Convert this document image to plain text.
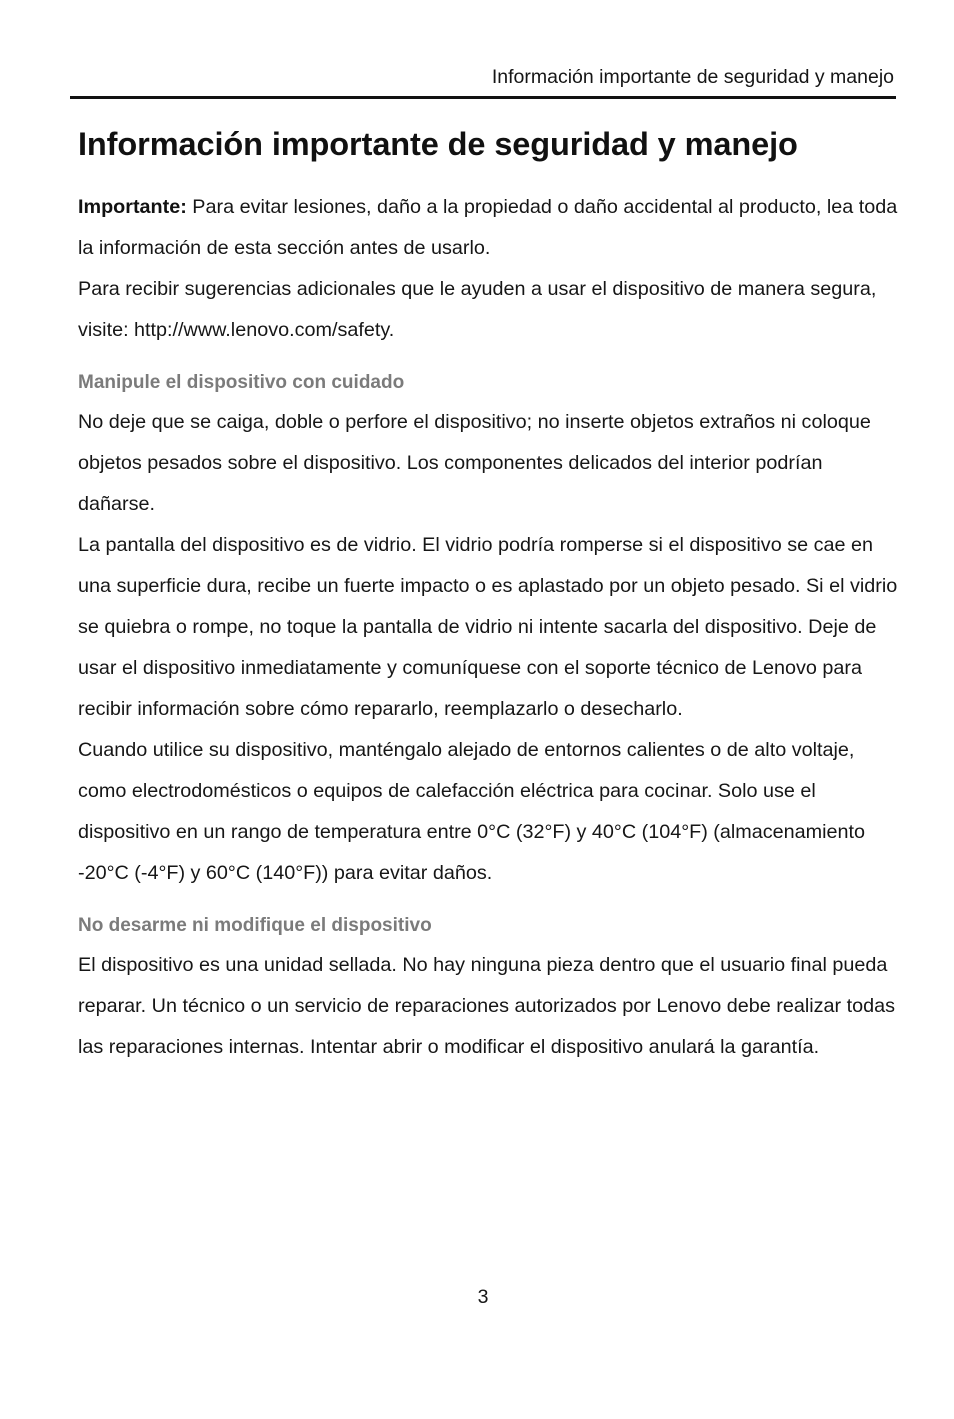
Información importante de seguridad y manejo
Información importante de seguridad y manejo

Importante: Para evitar lesiones, daño a la propiedad o daño accidental al producto, lea toda la información de esta sección antes de usarlo.

Para recibir sugerencias adicionales que le ayuden a usar el dispositivo de manera segura, visite: http://www.lenovo.com/safety.

Manipule el dispositivo con cuidado

No deje que se caiga, doble o perfore el dispositivo; no inserte objetos extraños ni coloque objetos pesados sobre el dispositivo. Los componentes delicados del interior podrían dañarse.

La pantalla del dispositivo es de vidrio. El vidrio podría romperse si el dispositivo se cae en una superficie dura, recibe un fuerte impacto o es aplastado por un objeto pesado. Si el vidrio se quiebra o rompe, no toque la pantalla de vidrio ni intente sacarla del dispositivo. Deje de usar el dispositivo inmediatamente y comuníquese con el soporte técnico de Lenovo para recibir información sobre cómo repararlo, reemplazarlo o desecharlo.

Cuando utilice su dispositivo, manténgalo alejado de entornos calientes o de alto voltaje, como electrodomésticos o equipos de calefacción eléctrica para cocinar. Solo use el dispositivo en un rango de temperatura entre 0°C (32°F) y 40°C (104°F) (almacenamiento -20°C (-4°F) y 60°C (140°F)) para evitar daños.

No desarme ni modifique el dispositivo

El dispositivo es una unidad sellada. No hay ninguna pieza dentro que el usuario final pueda reparar. Un técnico o un servicio de reparaciones autorizados por Lenovo debe realizar todas las reparaciones internas. Intentar abrir o modificar el dispositivo anulará la garantía.

3
